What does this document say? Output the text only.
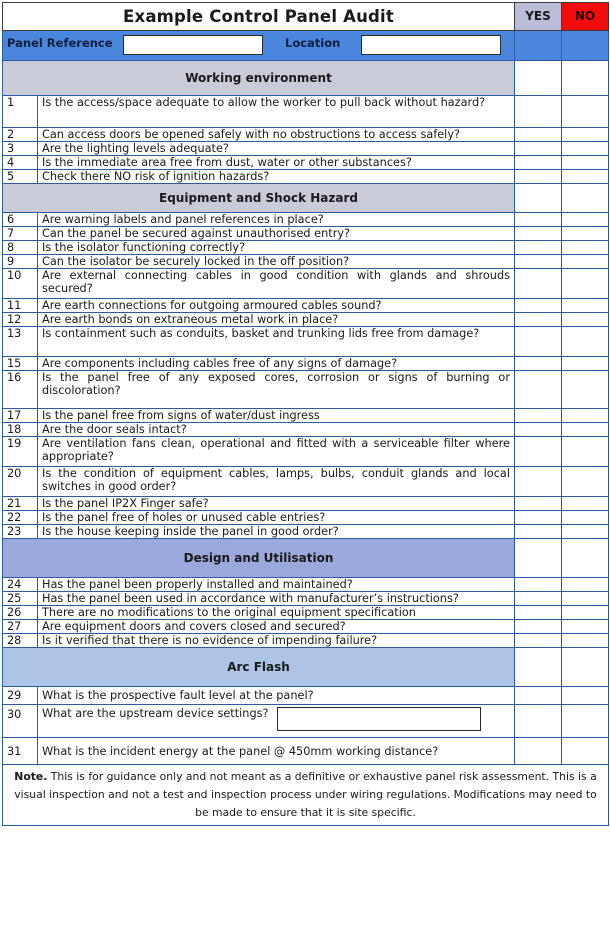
Example Control Panel Audit		YES	NO

Panel Reference Location			

Working environment			
1	Is the access/space adequate to allow the worker to pull back without hazard?		
2	Can access doors be opened safely with no obstructions to access safely?		
3	Are the lighting levels adequate?		
4	Is the immediate area free from dust, water or other substances?		
5	Check there NO risk of ignition hazards?		
Equipment and Shock Hazard			
6	Are warning labels and panel references in place?		
7	Can the panel be secured against unauthorised entry?		
8	Is the isolator functioning correctly?		
9	Can the isolator be securely locked in the off position?		
10	Are external connecting cables in good condition with glands and shrouds secured?		
11	Are earth connections for outgoing armoured cables sound?		
12	Are earth bonds on extraneous metal work in place?		
13	Is containment such as conduits, basket and trunking lids free from damage?		
15	Are components including cables free of any signs of damage?		
16	Is the panel free of any exposed cores, corrosion or signs of burning or discoloration?		
17	Is the panel free from signs of water/dust ingress		
18	Are the door seals intact?		
19	Are ventilation fans clean, operational and fitted with a serviceable filter where appropriate?		
20	Is the condition of equipment cables, lamps, bulbs, conduit glands and local switches in good order?		
21	Is the panel IP2X Finger safe?		
22	Is the panel free of holes or unused cable entries?		
23	Is the house keeping inside the panel in good order?		
Design and Utilisation			
24	Has the panel been properly installed and maintained?		
25	Has the panel been used in accordance with manufacturer’s instructions?		
26	There are no modifications to the original equipment specification		
27	Are equipment doors and covers closed and secured?		
28	Is it verified that there is no evidence of impending failure?		
Arc Flash			
29	What is the prospective fault level at the panel?		
30	What are the upstream device settings?		
31	What is the incident energy at the panel @ 450mm working distance?		
Note. This is for guidance only and not meant as a definitive or exhaustive panel risk assessment. This is a visual inspection and not a test and inspection process under wiring regulations. Modifications may need to be made to ensure that it is site specific.			
